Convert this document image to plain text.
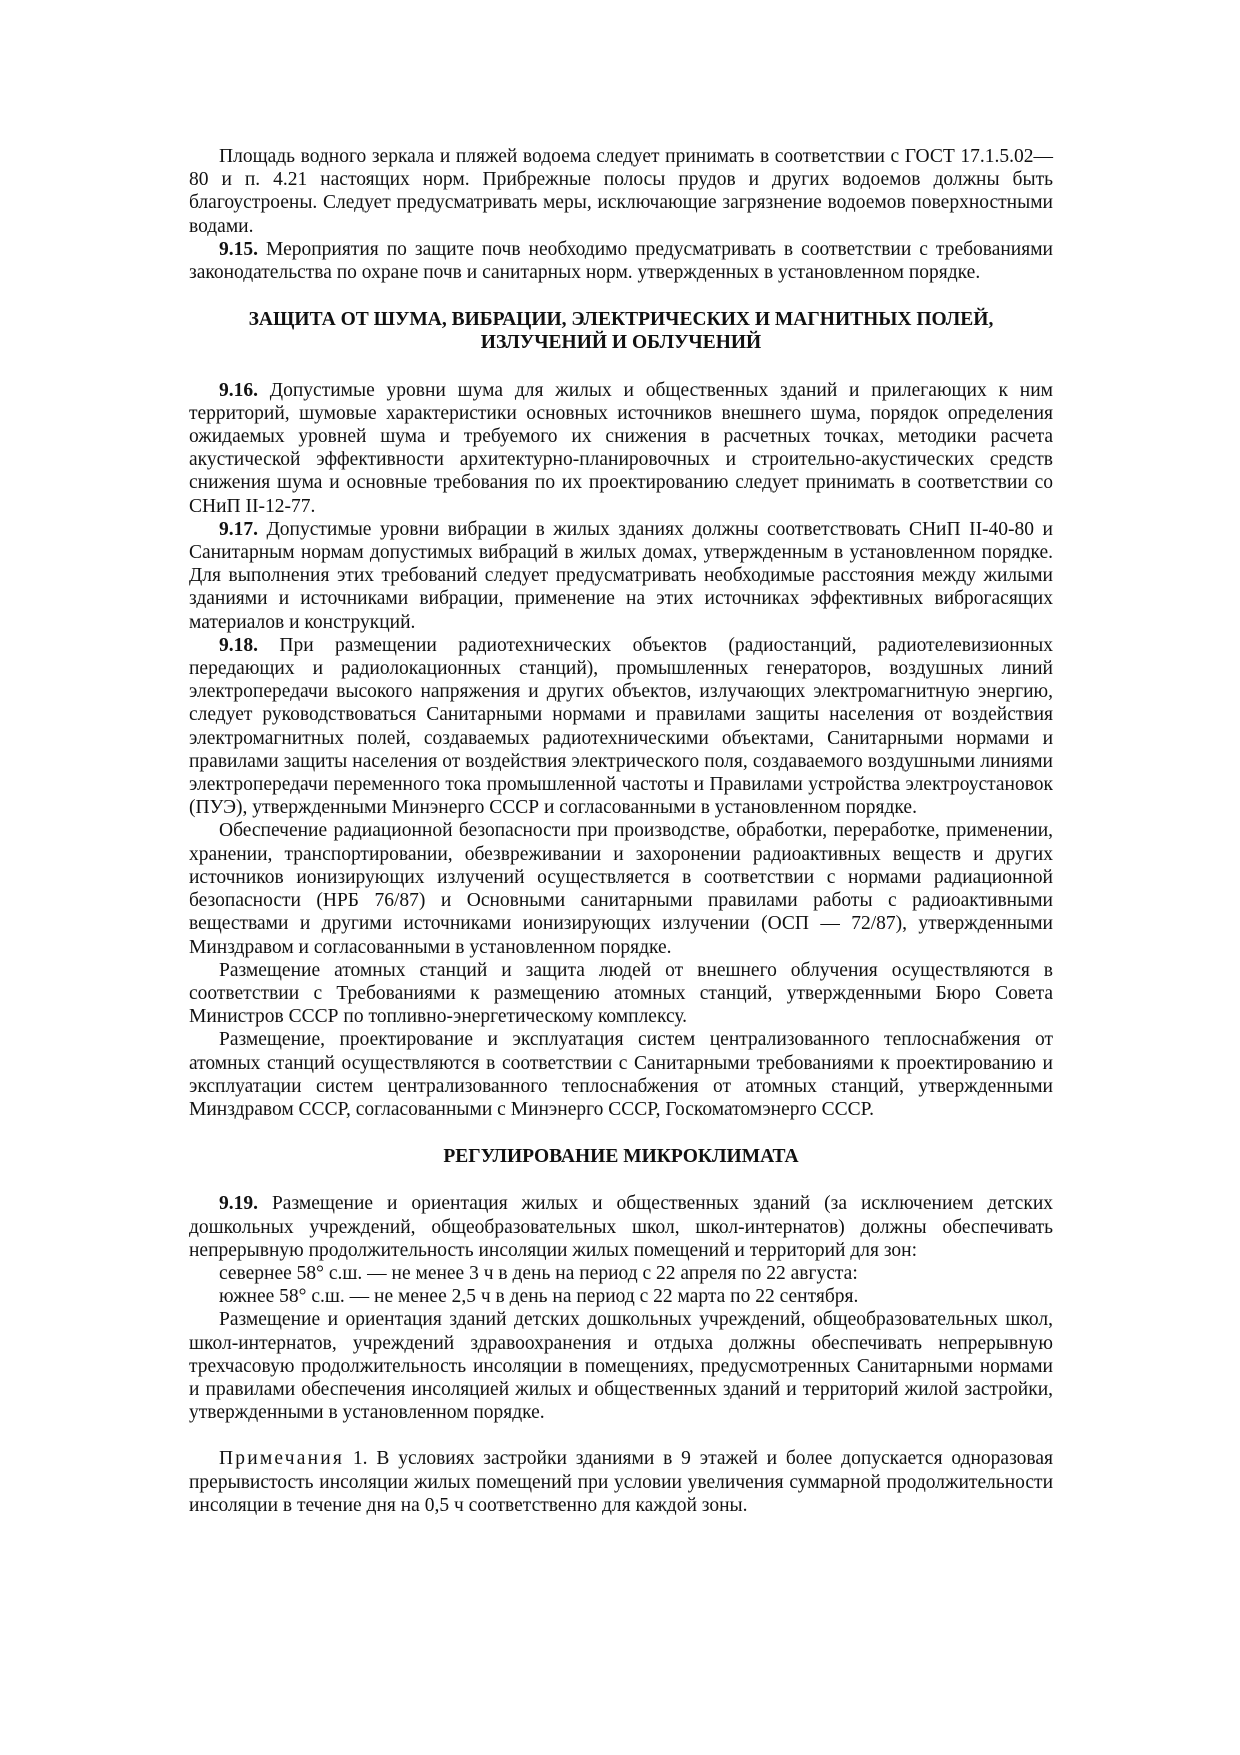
Площадь водного зеркала и пляжей водоема следует принимать в соответствии с ГОСТ 17.1.5.02—80 и п. 4.21 настоящих норм. Прибрежные полосы прудов и других водоемов должны быть благоустроены. Следует предусматривать меры, исключающие загрязнение водоемов поверхностными водами.

9.15. Мероприятия по защите почв необходимо предусматривать в соответствии с требованиями законодательства по охране почв и санитарных норм. утвержденных в установленном порядке.

ЗАЩИТА ОТ ШУМА, ВИБРАЦИИ, ЭЛЕКТРИЧЕСКИХ И МАГНИТНЫХ ПОЛЕЙ,
ИЗЛУЧЕНИЙ И ОБЛУЧЕНИЙ

9.16. Допустимые уровни шума для жилых и общественных зданий и прилегающих к ним территорий, шумовые характеристики основных источников внешнего шума, порядок определения ожидаемых уровней шума и требуемого их снижения в расчетных точках, методики расчета акустической эффективности архитектурно-планировочных и строительно-акустических средств снижения шума и основные требования по их проектированию следует принимать в соответствии со СНиП II-12-77.

9.17. Допустимые уровни вибрации в жилых зданиях должны соответствовать СНиП II-40-80 и Санитарным нормам допустимых вибраций в жилых домах, утвержденным в установленном порядке. Для выполнения этих требований следует предусматривать необходимые расстояния между жилыми зданиями и источниками вибрации, применение на этих источниках эффективных виброгасящих материалов и конструкций.

9.18. При размещении радиотехнических объектов (радиостанций, радиотелевизионных передающих и радиолокационных станций), промышленных генераторов, воздушных линий электропередачи высокого напряжения и других объектов, излучающих электромагнитную энергию, следует руководствоваться Санитарными нормами и правилами защиты населения от воздействия электромагнитных полей, создаваемых радиотехническими объектами, Санитарными нормами и правилами защиты населения от воздействия электрического поля, создаваемого воздушными линиями электропередачи переменного тока промышленной частоты и Правилами устройства электроустановок (ПУЭ), утвержденными Минэнерго СССР и согласованными в установленном порядке.

Обеспечение радиационной безопасности при производстве, обработки, переработке, применении, хранении, транспортировании, обезвреживании и захоронении радиоактивных веществ и других источников ионизирующих излучений осуществляется в соответствии с нормами радиационной безопасности (НРБ 76/87) и Основными санитарными правилами работы с радиоактивными веществами и другими источниками ионизирующих излучении (ОСП — 72/87), утвержденными Минздравом и согласованными в установленном порядке.

Размещение атомных станций и защита людей от внешнего облучения осуществляются в соответствии с Требованиями к размещению атомных станций, утвержденными Бюро Совета Министров СССР по топливно-энергетическому комплексу.

Размещение, проектирование и эксплуатация систем централизованного теплоснабжения от атомных станций осуществляются в соответствии с Санитарными требованиями к проектированию и эксплуатации систем централизованного теплоснабжения от атомных станций, утвержденными Минздравом СССР, согласованными с Минэнерго СССР, Госкоматомэнерго СССР.

РЕГУЛИРОВАНИЕ МИКРОКЛИМАТА

9.19. Размещение и ориентация жилых и общественных зданий (за исключением детских дошкольных учреждений, общеобразовательных школ, школ-интернатов) должны обеспечивать непрерывную продолжительность инсоляции жилых помещений и территорий для зон:

севернее 58° с.ш. — не менее 3 ч в день на период с 22 апреля по 22 августа:

южнее 58° с.ш. — не менее 2,5 ч в день на период с 22 марта по 22 сентября.

Размещение и ориентация зданий детских дошкольных учреждений, общеобразовательных школ, школ-интернатов, учреждений здравоохранения и отдыха должны обеспечивать непрерывную трехчасовую продолжительность инсоляции в помещениях, предусмотренных Санитарными нормами и правилами обеспечения инсоляцией жилых и общественных зданий и территорий жилой застройки, утвержденными в установленном порядке.

Примечания 1. В условиях застройки зданиями в 9 этажей и более допускается одноразовая прерывистость инсоляции жилых помещений при условии увеличения суммарной продолжительности инсоляции в течение дня на 0,5 ч соответственно для каждой зоны.
